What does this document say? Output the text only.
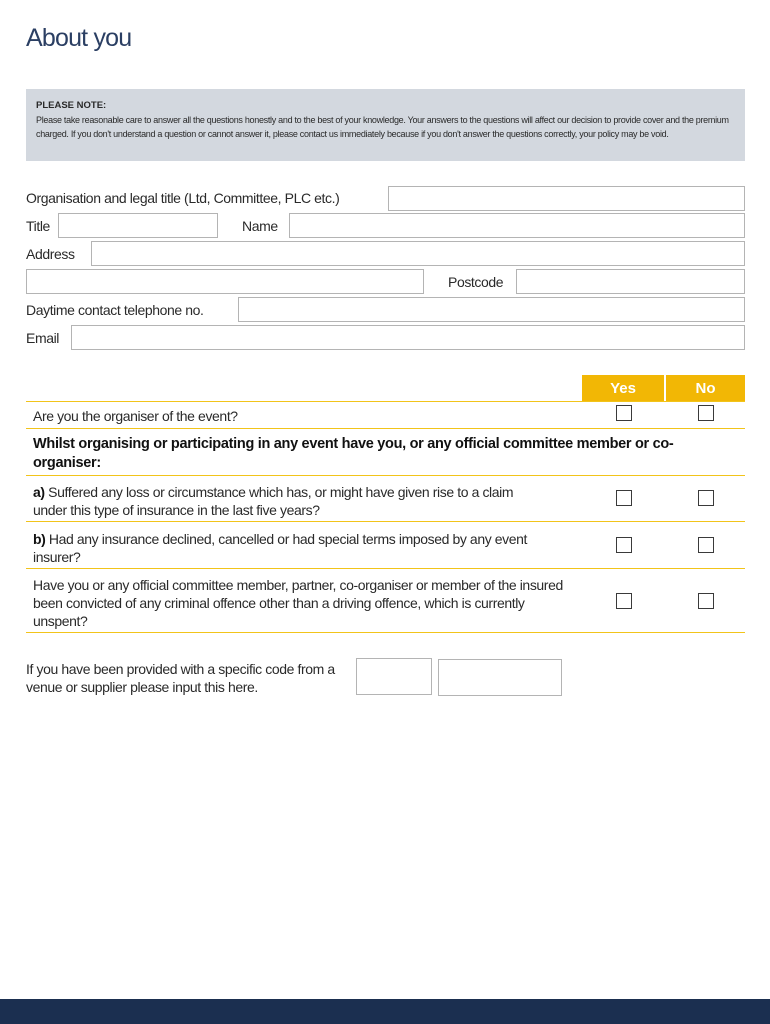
About you
PLEASE NOTE:
Please take reasonable care to answer all the questions honestly and to the best of your knowledge. Your answers to the questions will affect our decision to provide cover and the premium charged. If you don't understand a question or cannot answer it, please contact us immediately because if you don't answer the questions correctly, your policy may be void.
Organisation and legal title (Ltd, Committee, PLC etc.)
Title	Name
Address
Postcode
Daytime contact telephone no.
Email
Yes	No
Are you the organiser of the event?
Whilst organising or participating in any event have you, or any official committee member or co-organiser:
a) Suffered any loss or circumstance which has, or might have given rise to a claim under this type of insurance in the last five years?
b) Had any insurance declined, cancelled or had special terms imposed by any event insurer?
Have you or any official committee member, partner, co-organiser or member of the insured been convicted of any criminal offence other than a driving offence, which is currently unspent?
If you have been provided with a specific code from a venue or supplier please input this here.
